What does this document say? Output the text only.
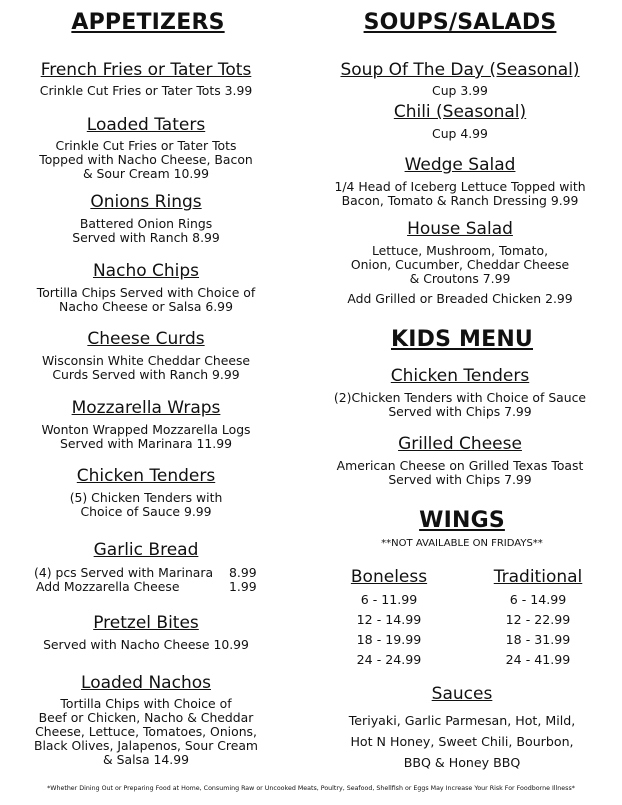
APPETIZERS
French Fries or Tater Tots
Crinkle Cut Fries or Tater Tots 3.99
Loaded Taters
Crinkle Cut Fries or Tater Tots
Topped with Nacho Cheese, Bacon
& Sour Cream 10.99
Onions Rings
Battered Onion Rings
Served with Ranch 8.99
Nacho Chips
Tortilla Chips Served with Choice of
Nacho Cheese or Salsa 6.99
Cheese Curds
Wisconsin White Cheddar Cheese
Curds Served with Ranch 9.99
Mozzarella Wraps
Wonton Wrapped Mozzarella Logs
Served with Marinara 11.99
Chicken Tenders
(5) Chicken Tenders with
Choice of Sauce 9.99
Garlic Bread
(4) pcs Served with Marinara 8.99
Add Mozzarella Cheese	1.99
Pretzel Bites
Served with Nacho Cheese 10.99
Loaded Nachos
Tortilla Chips with Choice of
Beef or Chicken, Nacho & Cheddar
Cheese, Lettuce, Tomatoes, Onions,
Black Olives, Jalapenos, Sour Cream
& Salsa 14.99
SOUPS/SALADS
Soup Of The Day (Seasonal)
Cup 3.99
Chili (Seasonal)
Cup 4.99
Wedge Salad
1/4 Head of Iceberg Lettuce Topped with
Bacon, Tomato & Ranch Dressing 9.99
House Salad
Lettuce, Mushroom, Tomato,
Onion, Cucumber, Cheddar Cheese
& Croutons 7.99
Add Grilled or Breaded Chicken 2.99
KIDS MENU
Chicken Tenders
(2)Chicken Tenders with Choice of Sauce
Served with Chips 7.99
Grilled Cheese
American Cheese on Grilled Texas Toast
Served with Chips 7.99
WINGS
**NOT AVAILABLE ON FRIDAYS**
Boneless	Traditional
6 - 11.99
12 - 14.99
18 - 19.99
24 - 24.99
6 - 14.99
12 - 22.99
18 - 31.99
24 - 41.99
Sauces
Teriyaki, Garlic Parmesan, Hot, Mild,
Hot N Honey, Sweet Chili, Bourbon,
BBQ & Honey BBQ
*Whether Dining Out or Preparing Food at Home, Consuming Raw or Uncooked Meats, Poultry, Seafood, Shellfish or Eggs May Increase Your Risk For Foodborne Illness*
